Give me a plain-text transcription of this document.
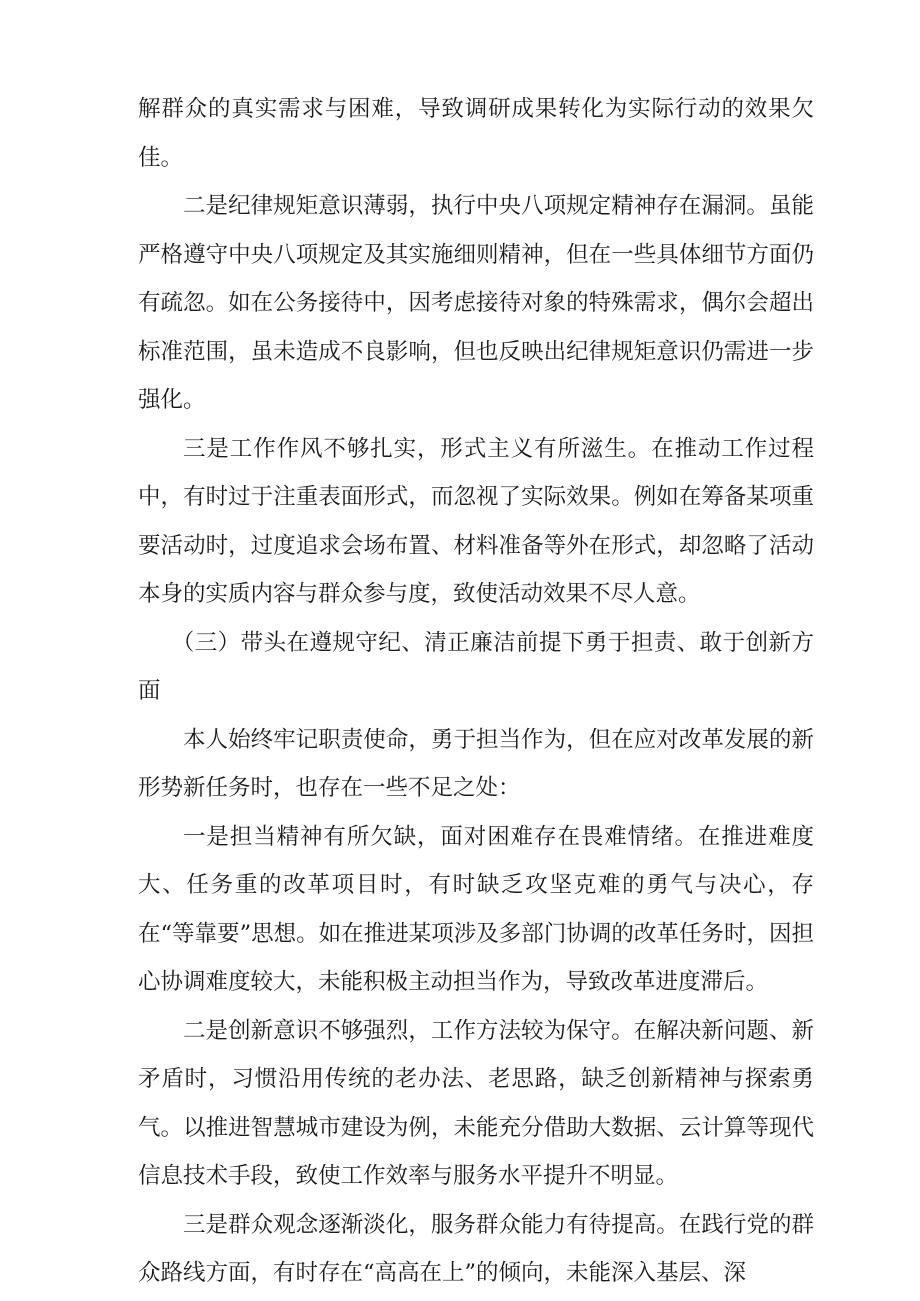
解群众的真实需求与困难，导致调研成果转化为实际行动的效果欠佳。

二是纪律规矩意识薄弱，执行中央八项规定精神存在漏洞。虽能严格遵守中央八项规定及其实施细则精神，但在一些具体细节方面仍有疏忽。如在公务接待中，因考虑接待对象的特殊需求，偶尔会超出标准范围，虽未造成不良影响，但也反映出纪律规矩意识仍需进一步强化。

三是工作作风不够扎实，形式主义有所滋生。在推动工作过程中，有时过于注重表面形式，而忽视了实际效果。例如在筹备某项重要活动时，过度追求会场布置、材料准备等外在形式，却忽略了活动本身的实质内容与群众参与度，致使活动效果不尽人意。

（三）带头在遵规守纪、清正廉洁前提下勇于担责、敢于创新方面

本人始终牢记职责使命，勇于担当作为，但在应对改革发展的新形势新任务时，也存在一些不足之处：

一是担当精神有所欠缺，面对困难存在畏难情绪。在推进难度大、任务重的改革项目时，有时缺乏攻坚克难的勇气与决心，存在“等靠要”思想。如在推进某项涉及多部门协调的改革任务时，因担心协调难度较大，未能积极主动担当作为，导致改革进度滞后。

二是创新意识不够强烈，工作方法较为保守。在解决新问题、新矛盾时，习惯沿用传统的老办法、老思路，缺乏创新精神与探索勇气。以推进智慧城市建设为例，未能充分借助大数据、云计算等现代信息技术手段，致使工作效率与服务水平提升不明显。

三是群众观念逐渐淡化，服务群众能力有待提高。在践行党的群众路线方面，有时存在“高高在上”的倾向，未能深入基层、深
